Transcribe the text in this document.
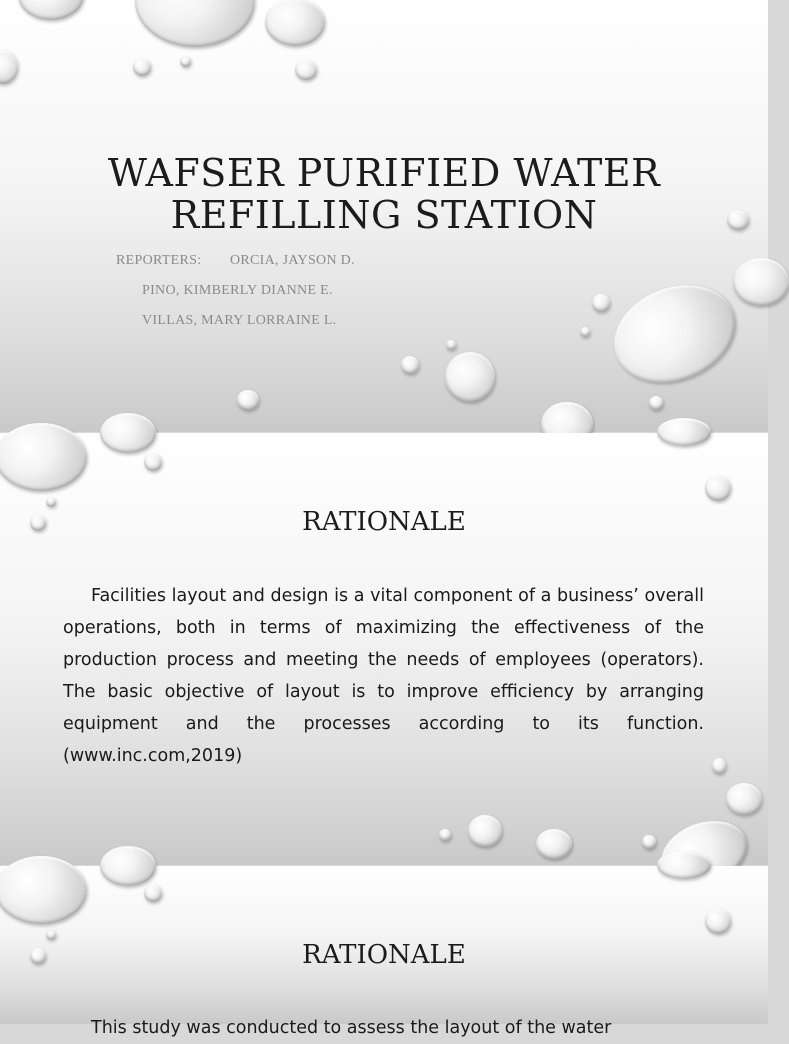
WAFSER PURIFIED WATER
REFILLING STATION
REPORTERS: ORCIA, JAYSON D.
PINO, KIMBERLY DIANNE E.
VILLAS, MARY LORRAINE L.
RATIONALE
Facilities layout and design is a vital component of a business’ overall operations, both in terms of maximizing the effectiveness of the production process and meeting the needs of employees (operators). The basic objective of layout is to improve efficiency by arranging equipment and the processes according to its function. (www.inc.com,2019)
RATIONALE
This study was conducted to assess the layout of the water
